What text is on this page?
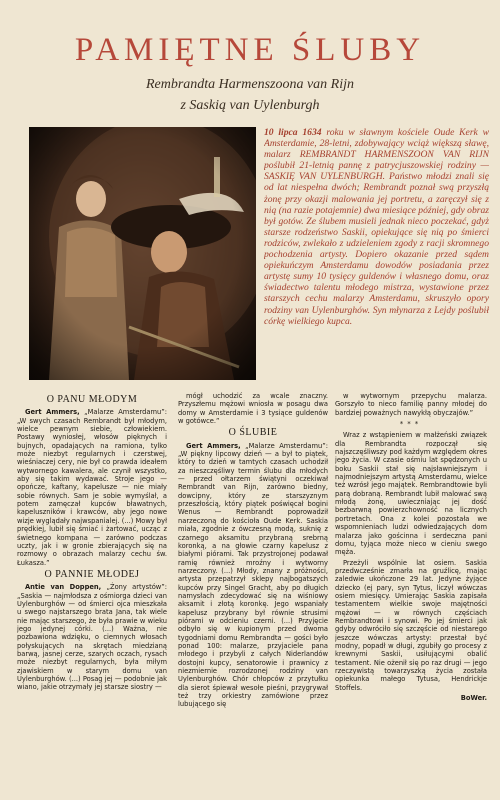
PAMIĘTNE ŚLUBY
Rembrandta Harmenszoona van Rijn
z Saskią van Uylenburgh

10 lipca 1634 roku w sławnym kościele Oude Kerk w Amsterdamie, 28-letni, zdobywający wciąż większą sławę, malarz REMBRANDT HARMENSZOON VAN RIJN poślubił 21-letnią pannę z patrycjuszowskiej rodziny — SASKIĘ VAN UYLENBURGH. Państwo młodzi znali się od lat niespełna dwóch; Rembrandt poznał swą przyszłą żonę przy okazji malowania jej portretu, a zaręczył się z nią (na razie potajemnie) dwa miesiące później, gdy obraz był gotów. Ze ślubem musieli jednak nieco poczekać, gdyż starsze rodzeństwo Saskii, opiekujące się nią po śmierci rodziców, zwlekało z udzieleniem zgody z racji skromnego pochodzenia artysty. Dopiero okazanie przed sądem opiekuńczym Amsterdamu dowodów posiadania przez artystę sumy 10 tysięcy guldenów i własnego domu, oraz świadectwo talentu młodego mistrza, wystawione przez starszych cechu malarzy Amsterdamu, skruszyło opory rodziny van Uylenburghów. Syn młynarza z Lejdy poślubił córkę wielkiego kupca.

O PANU MŁODYM

Gert Ammers, „Malarze Amsterdamu”: „W swych czasach Rembrandt był młodym, wielce pewnym siebie, człowiekiem. Postawy wyniosłej, włosów pięknych i bujnych, opadających na ramiona, tylko może niezbyt regularnych i czerstwej, wieśniaczej cery, nie był co prawda ideałem wytwornego kawalera, ale czynił wszystko, aby się takim wydawać. Stroje jego — opończe, kaftany, kapelusze — nie miały sobie równych. Sam je sobie wymyślał, a potem zamęczał kupców bławatnych, kapeluszników i krawców, aby jego nowe wizje wyglądały najwspanialej. (...) Mowy był prędkiej, lubił się śmiać i żartować, ucząc z świetnego kompana — zarówno podczas uczty, jak i w gronie zbierających się na rozmowy o obrazach malarzy cechu św. Łukasza.”

O PANNIE MŁODEJ

Antie van Doppen, „Żony artystów”: „Saskia — najmłodsza z ośmiorga dzieci van Uylenburghów — od śmierci ojca mieszkała u swego najstarszego brata Jana, tak wiele nie mając starszego, że była prawie w wieku jego jedynej córki. (...) Ważna, nie pozbawiona wdzięku, o ciemnych włosach połyskujących na skrętach miedzianą barwą, jasnej cerze, szarych oczach, rysach może niezbyt regularnych, była miłym zjawiskiem w starym domu van Uylenburghów. (...) Posag jej — podobnie jak wiano, jakie otrzymały jej starsze siostry —

mógł uchodzić za wcale znaczny. Przyszłemu mężowi wniosła w posagu dwa domy w Amsterdamie i 3 tysiące guldenów w gotówce.”

O ŚLUBIE

Gert Ammers, „Malarze Amsterdamu”: „W piękny lipcowy dzień — a był to piątek, który to dzień w tamtych czasach uchodził za nieszczęśliwy termin ślubu dla młodych — przed ołtarzem świątyni oczekiwał Rembrandt van Rijn, zarówno biedny, dowcipny, który ze starszyznym przeszłością, który piątek poświęcał bogini Wenus — Rembrandt poprowadził narzeczoną do kościoła Oude Kerk. Saskia miała, zgodnie z ówczesną modą, suknię z czarnego aksamitu przybraną srebrną koronką, a na głowie czarny kapelusz z białymi piórami. Tak przystrojonej podawał ramię również mroźny i wytworny narzeczony. (...) Młody, znany z próżności, artysta przepatrzył sklepy najbogatszych kupców przy Singel Gracht, aby po długich namysłach zdecydować się na wiśniowy aksamit i złotą koronkę. Jego wspaniały kapelusz przybrany był równie strusimi piórami w odcieniu czerni. (...) Przyjęcie odbyło się w kupionym przed dwoma tygodniami domu Rembrandta — gości było ponad 100: malarze, przyjaciele pana młodego i przybyli z całych Niderlandów dostojni kupcy, senatorowie i prawnicy z niezmiernie rozrodzonej rodziny van Uylenburghów. Chór chłopców z przytułku dla sierot śpiewał wesołe pieśni, przygrywał też trzy orkiestry zamówione przez lubującego się

w wytwornym przepychu malarza. Gorszyło to nieco familię panny młodej do bardziej poważnych nawykłą obyczajów.”

***

Wraz z wstąpieniem w małżeński związek dla Rembrandta rozpoczął się najszczęśliwszy pod każdym względem okres jego życia. W czasie ośmiu lat spędzonych u boku Saskii stał się najsławniejszym i najmodniejszym artystą Amsterdamu, wielce też wzrósł jego majątek. Rembrandtowie byli parą dobraną. Rembrandt lubił malować swą młodą żonę, uwieczniając jej dość bezbarwną powierzchowność na licznych portretach. Ona z kolei pozostała we wspomnieniach ludzi odwiedzających dom malarza jako gościnna i serdeczna pani domu, tyjąca może nieco w cieniu swego męża.

Przeżyli wspólnie lat osiem. Saskia przedwcześnie zmarła na gruźlicę, mając zaledwie ukończone 29 lat. Jedyne żyjące dziecko (ej pary, syn Tytus, liczył wówczas osiem miesięcy. Umierając Saskia zapisała testamentem wielkie swoje majętności mężowi — w równych częściach Rembrandtowi i synowi. Po jej śmierci jak gdyby odwróciło się szczęście od niestarego jeszcze wówczas artysty: przestał być modny, popadł w długi, zgubiły go procesy z krewnymi Saskii, usiłującymi obalić testament. Nie ożenił się po raz drugi — jego rzeczywistą towarzyszką życia została opiekunka małego Tytusa, Hendrickje Stoffels.

BoWer.
